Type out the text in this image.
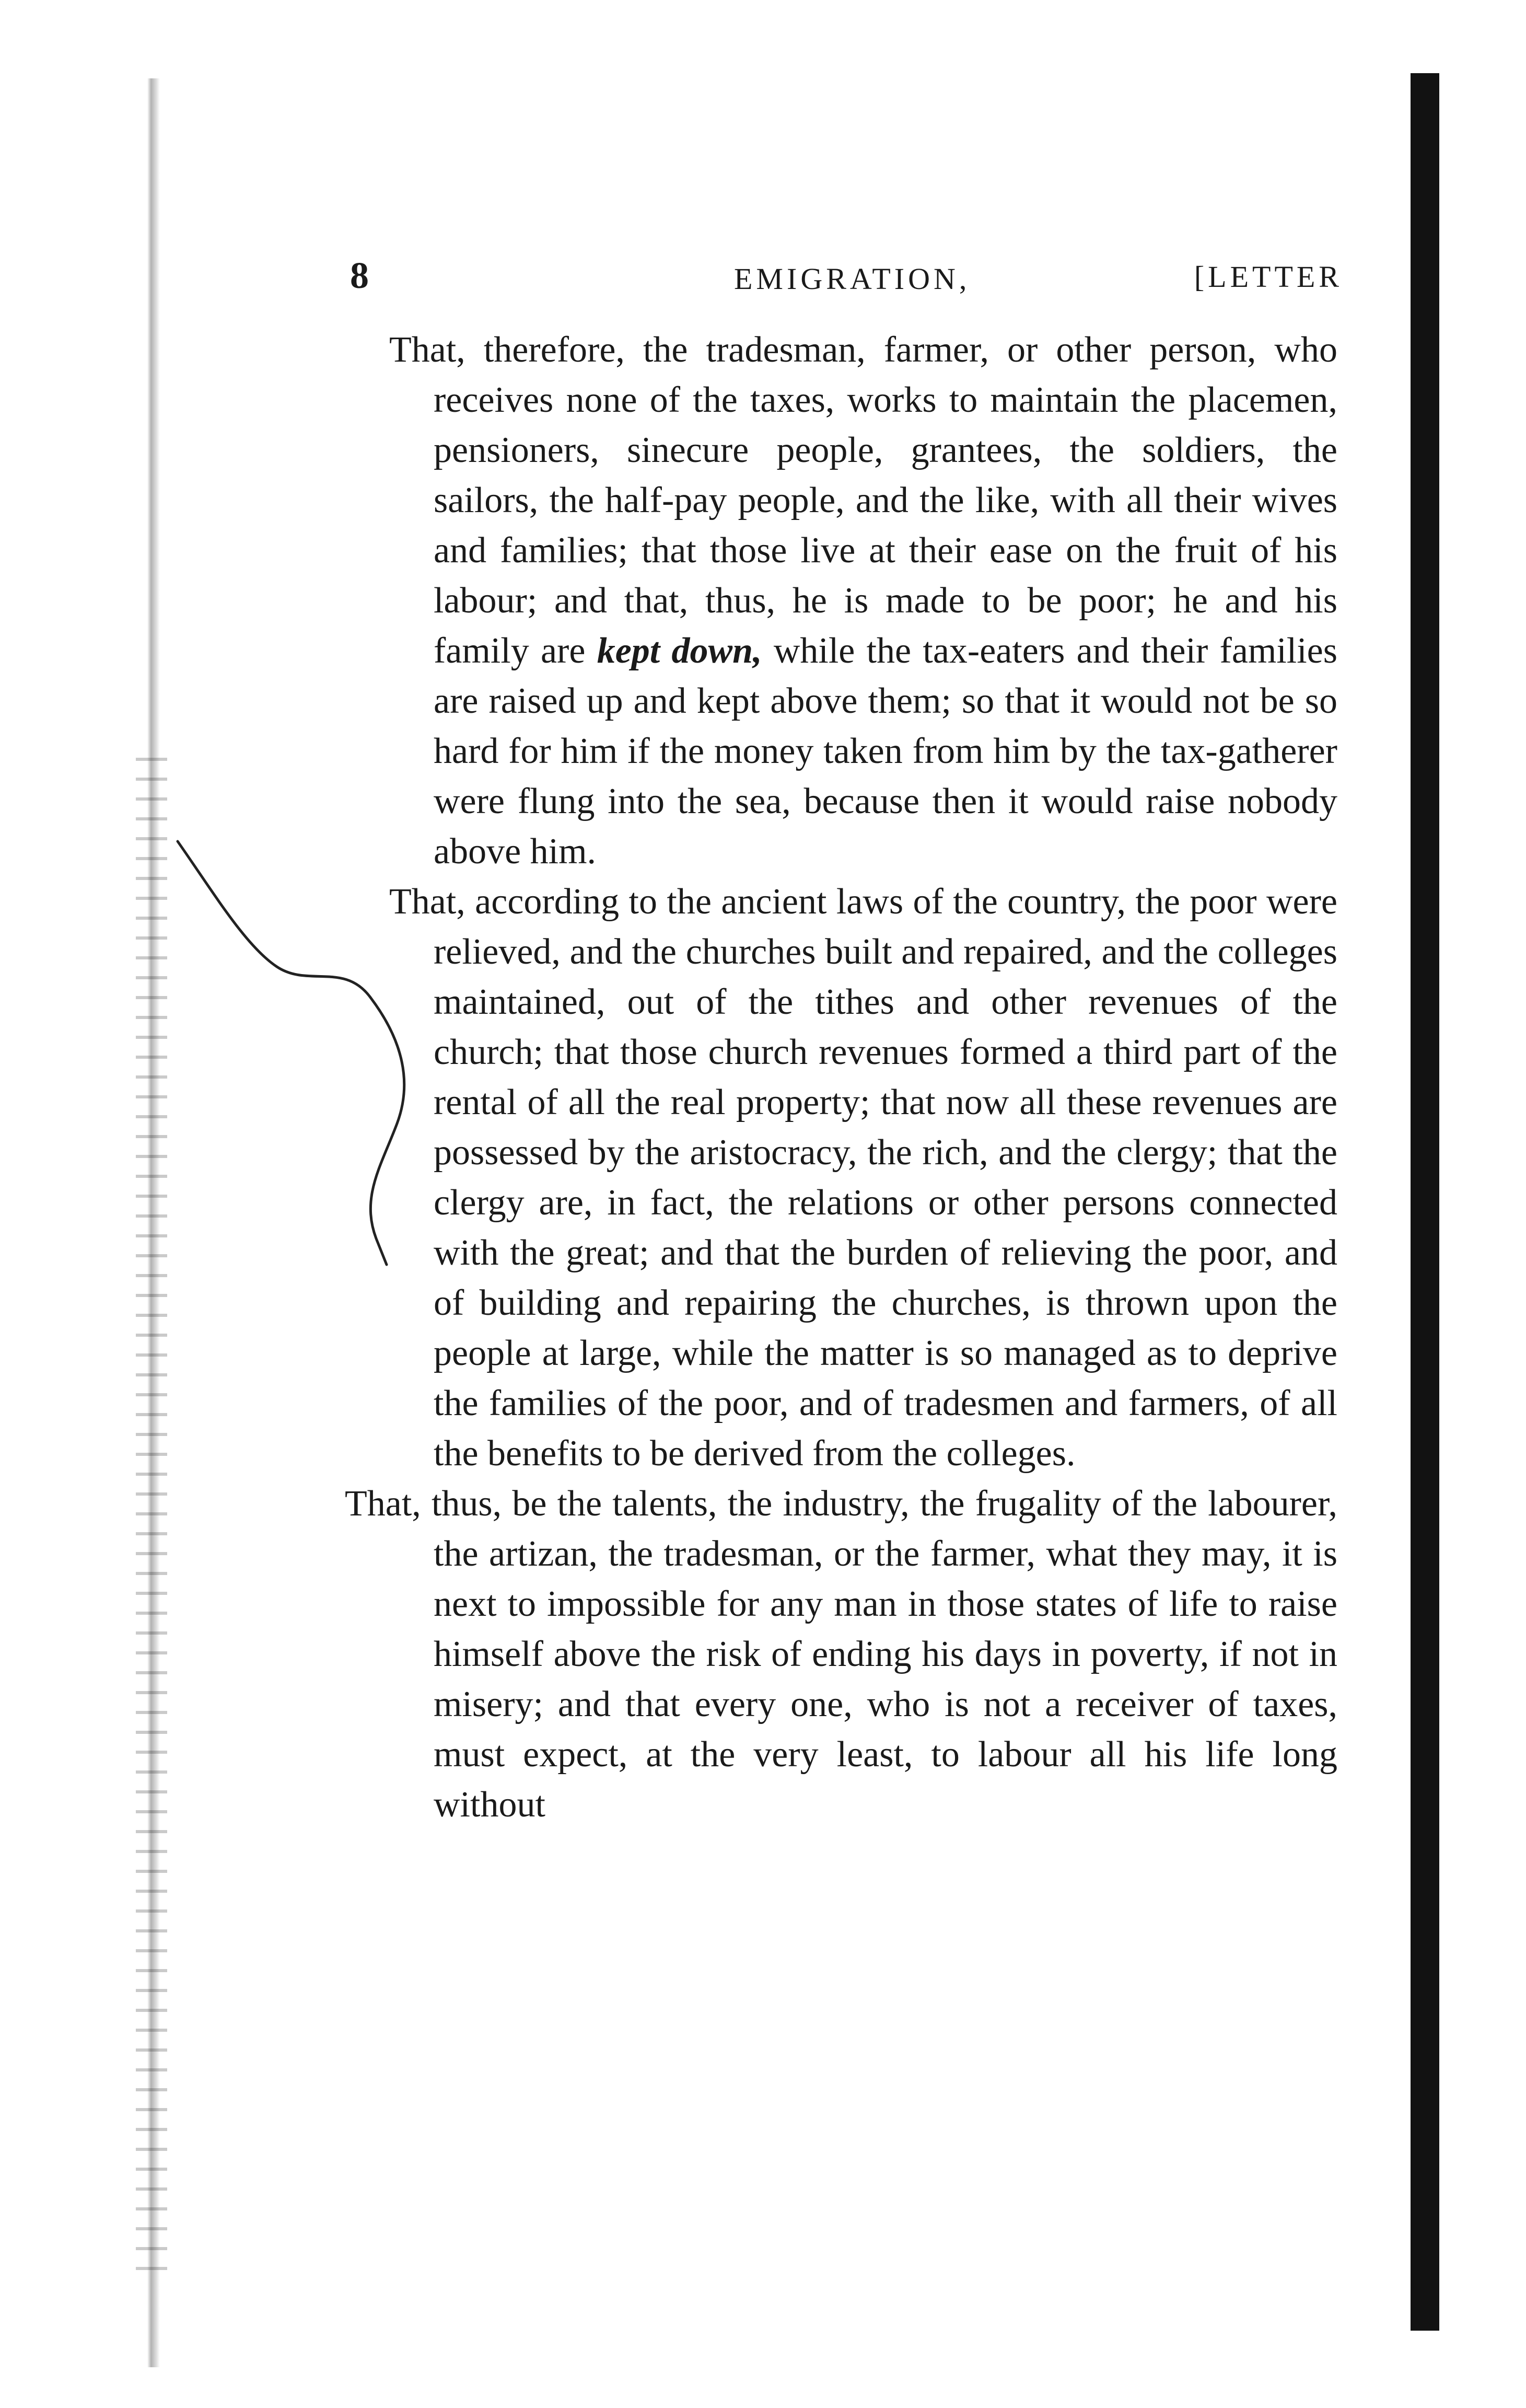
8	EMIGRATION,	[LETTER

That, therefore, the tradesman, farmer, or other person, who receives none of the taxes, works to maintain the placemen, pensioners, sinecure people, grantees, the soldiers, the sailors, the half-pay people, and the like, with all their wives and families; that those live at their ease on the fruit of his labour; and that, thus, he is made to be poor; he and his family are kept down, while the tax-eaters and their families are raised up and kept above them; so that it would not be so hard for him if the money taken from him by the tax-gatherer were flung into the sea, because then it would raise nobody above him.

That, according to the ancient laws of the country, the poor were relieved, and the churches built and repaired, and the colleges maintained, out of the tithes and other revenues of the church; that those church revenues formed a third part of the rental of all the real property; that now all these revenues are possessed by the aristocracy, the rich, and the clergy; that the clergy are, in fact, the relations or other persons connected with the great; and that the burden of relieving the poor, and of building and repairing the churches, is thrown upon the people at large, while the matter is so managed as to deprive the families of the poor, and of tradesmen and farmers, of all the benefits to be derived from the colleges.

That, thus, be the talents, the industry, the frugality of the labourer, the artizan, the tradesman, or the farmer, what they may, it is next to impossible for any man in those states of life to raise himself above the risk of ending his days in poverty, if not in misery; and that every one, who is not a receiver of taxes, must expect, at the very least, to labour all his life long without
